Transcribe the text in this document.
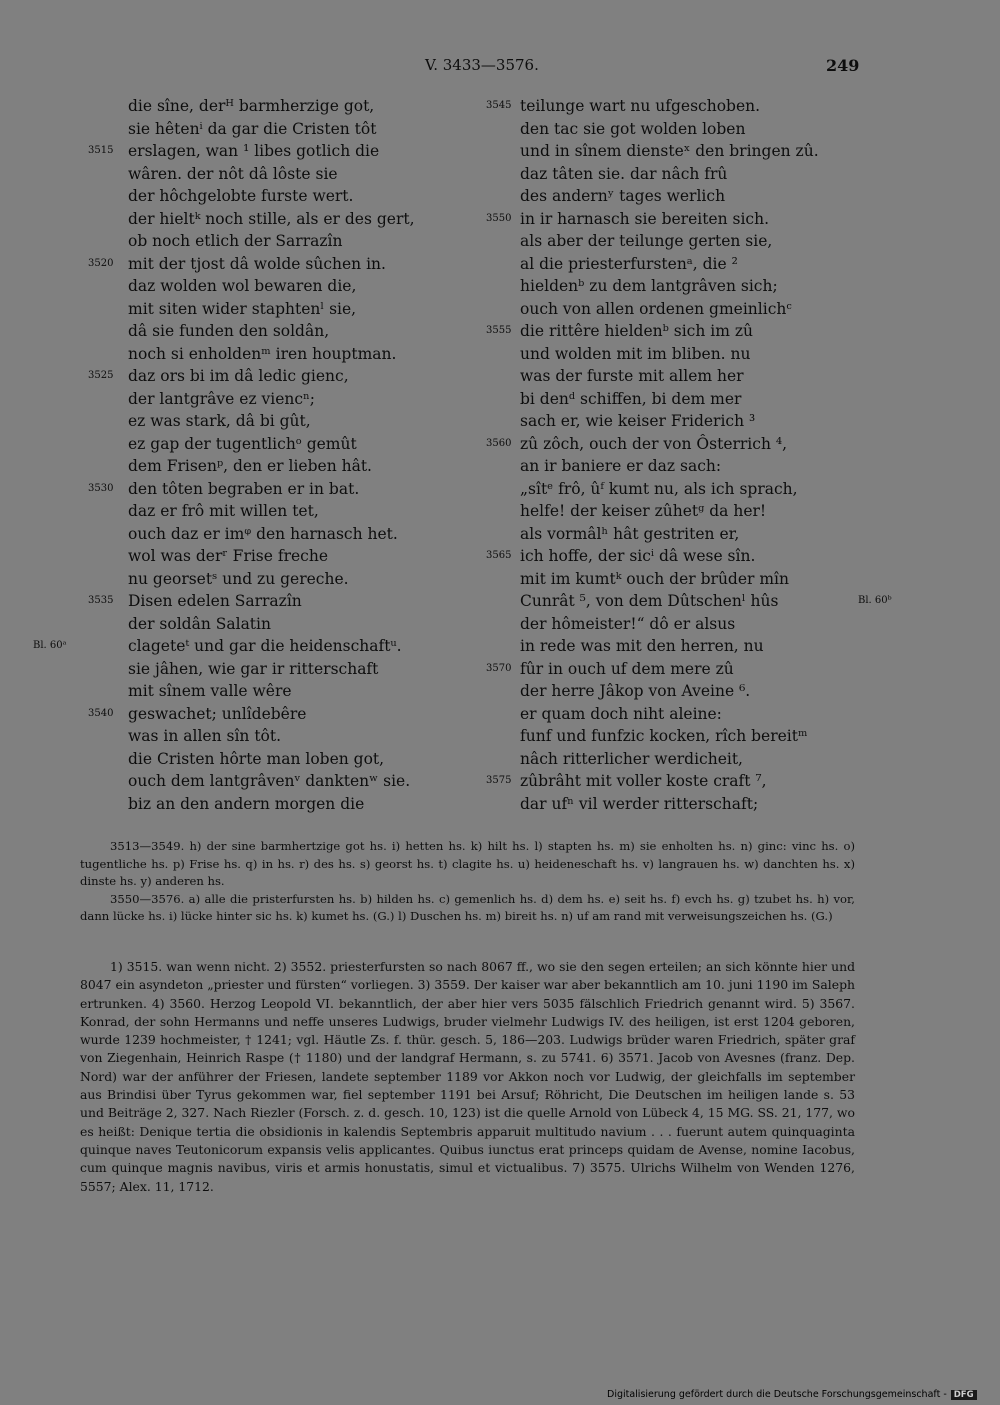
V. 3433—3576.	249
die sîne, derᴴ barmherzige got,
sie hêtenⁱ da gar die Cristen tôt
3515 erslagen, wan ¹ libes gotlich die
wâren. der nôt dâ lôste sie
der hôchgelobte furste wert.
der hieltᵏ noch stille, als er des gert,
ob noch etlich der Sarrazîn
3520 mit der tjost dâ wolde sûchen in.
daz wolden wol bewaren die,
mit siten wider staphtenˡ sie,
dâ sie funden den soldân,
noch si enholdenᵐ iren houptman.
3525 daz ors bi im dâ ledic gienc,
der lantgrâve ez viencⁿ;
ez was stark, dâ bi gût,
ez gap der tugentlichᵒ gemût
dem Frisenᵖ, den er lieben hât.
3530 den tôten begraben er in bat.
daz er frô mit willen tet,
ouch daz er imᵠ den harnasch het.
wol was derʳ Frise freche
nu georsetˢ und zu gereche.
3535 Disen edelen Sarrazîn
der soldân Salatin
Bl. 60ᵃ	clageteᵗ und gar die heidenschaftᵘ.
sie jâhen, wie gar ir ritterschaft
mit sînem valle wêre
3540 geswachet; unlîdebêre
was in allen sîn tôt.
die Cristen hôrte man loben got,
ouch dem lantgrâvenᵛ danktenʷ sie.
biz an den andern morgen die
3545 teilunge wart nu ufgeschoben.
den tac sie got wolden loben
und in sînem diensteˣ den bringen zû.
daz tâten sie. dar nâch frû
des andernʸ tages werlich
3550 in ir harnasch sie bereiten sich.
als aber der teilunge gerten sie,
al die priesterfurstenᵃ, die ²
hieldenᵇ zu dem lantgrâven sich;
ouch von allen ordenen gmeinlichᶜ
3555 die rittêre hieldenᵇ sich im zû
und wolden mit im bliben. nu
was der furste mit allem her
bi denᵈ schiffen, bi dem mer
sach er, wie keiser Friderich ³
3560 zû zôch, ouch der von Ôsterrich ⁴,
an ir baniere er daz sach:
„sîtᵉ frô, ûᶠ kumt nu, als ich sprach,
helfe! der keiser zûhetᵍ da her!
als vormâlʰ hât gestriten er,
3565 ich hoffe, der sicⁱ dâ wese sîn.
mit im kumtᵏ ouch der brûder mîn
Bl. 60ᵇ
Cunrât ⁵, von dem Dûtschenˡ hûs
der hômeister!“ dô er alsus
in rede was mit den herren, nu
3570 fûr in ouch uf dem mere zû
der herre Jâkop von Aveine ⁶.
er quam doch niht aleine:
funf und funfzic kocken, rîch bereitᵐ
nâch ritterlicher werdicheit,
3575 zûbrâht mit voller koste craft ⁷,
dar ufⁿ vil werder ritterschaft;

3513—3549. h) der sine barmhertzige got hs. i) hetten hs. k) hilt hs. l) stapten hs. m) sie enholten hs. n) ginc: vinc hs. o) tugentliche hs. p) Frise hs. q) in hs. r) des hs. s) georst hs. t) clagite hs. u) heideneschaft hs. v) langrauen hs. w) danchten hs. x) dinste hs. y) anderen hs.

3550—3576. a) alle die pristerfursten hs. b) hilden hs. c) gemenlich hs. d) dem hs. e) seit hs. f) evch hs. g) tzubet hs. h) vor, dann lücke hs. i) lücke hinter sic hs. k) kumet hs. (G.) l) Duschen hs. m) bireit hs. n) uf am rand mit verweisungszeichen hs. (G.)

1) 3515. wan wenn nicht. 2) 3552. priesterfursten so nach 8067 ff., wo sie den segen erteilen; an sich könnte hier und 8047 ein asyndeton „priester und fürsten“ vorliegen. 3) 3559. Der kaiser war aber bekanntlich am 10. juni 1190 im Saleph ertrunken. 4) 3560. Herzog Leopold VI. bekanntlich, der aber hier vers 5035 fälschlich Friedrich genannt wird. 5) 3567. Konrad, der sohn Hermanns und neffe unseres Ludwigs, bruder vielmehr Ludwigs IV. des heiligen, ist erst 1204 geboren, wurde 1239 hochmeister, † 1241; vgl. Häutle Zs. f. thür. gesch. 5, 186—203. Ludwigs brüder waren Friedrich, später graf von Ziegenhain, Heinrich Raspe († 1180) und der landgraf Hermann, s. zu 5741. 6) 3571. Jacob von Avesnes (franz. Dep. Nord) war der anführer der Friesen, landete september 1189 vor Akkon noch vor Ludwig, der gleichfalls im september aus Brindisi über Tyrus gekommen war, fiel september 1191 bei Arsuf; Röhricht, Die Deutschen im heiligen lande s. 53 und Beiträge 2, 327. Nach Riezler (Forsch. z. d. gesch. 10, 123) ist die quelle Arnold von Lübeck 4, 15 MG. SS. 21, 177, wo es heißt: Denique tertia die obsidionis in kalendis Septembris apparuit multitudo navium . . . fuerunt autem quinquaginta quinque naves Teutonicorum expansis velis applicantes. Quibus iunctus erat princeps quidam de Avense, nomine Iacobus, cum quinque magnis navibus, viris et armis honustatis, simul et victualibus. 7) 3575. Ulrichs Wilhelm von Wenden 1276, 5557; Alex. 11, 1712.

Digitalisierung gefördert durch die Deutsche Forschungsgemeinschaft - DFG
